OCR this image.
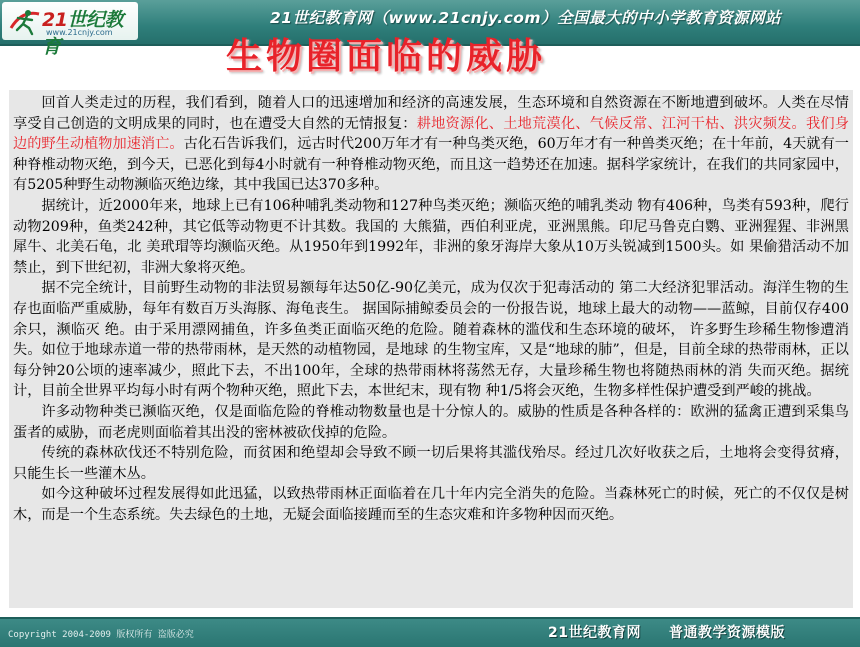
21世纪教育
www.21cnjy.com
21世纪教育网（www.21cnjy.com）全国最大的中小学教育资源网站
生物圈面临的威胁

回首人类走过的历程，我们看到，随着人口的迅速增加和经济的高速发展，生态环境和自然资源在不断地遭到破坏。人类在尽情享受自己创造的文明成果的同时，也在遭受大自然的无情报复：耕地资源化、土地荒漠化、气候反常、江河干枯、洪灾频发。我们身边的野生动植物加速消亡。古化石告诉我们，远古时代200万年才有一种鸟类灭绝，60万年才有一种兽类灭绝；在十年前，4天就有一种脊椎动物灭绝，到今天，已恶化到每4小时就有一种脊椎动物灭绝，而且这一趋势还在加速。据科学家统计，在我们的共同家园中，有5205种野生动物濒临灭绝边缘，其中我国已达370多种。

据统计，近2000年来，地球上已有106种哺乳类动物和127种鸟类灭绝；濒临灭绝的哺乳类动 物有406种，鸟类有593种，爬行动物209种，鱼类242种，其它低等动物更不计其数。我国的 大熊猫，西伯利亚虎，亚洲黑熊。印尼马鲁克白鹦、亚洲猩猩、非洲黑犀牛、北美石龟，北 美玳瑁等均濒临灭绝。从1950年到1992年，非洲的象牙海岸大象从10万头锐减到1500头。如 果偷猎活动不加禁止，到下世纪初，非洲大象将灭绝。

据不完全统计，目前野生动物的非法贸易额每年达50亿-90亿美元，成为仅次于犯毒活动的 第二大经济犯罪活动。海洋生物的生存也面临严重威胁，每年有数百万头海豚、海龟丧生。 据国际捕鲸委员会的一份报告说，地球上最大的动物——蓝鲸，目前仅存400余只，濒临灭 绝。由于采用漂网捕鱼，许多鱼类正面临灭绝的危险。随着森林的滥伐和生态环境的破坏， 许多野生珍稀生物惨遭消失。如位于地球赤道一带的热带雨林，是天然的动植物园，是地球 的生物宝库，又是“地球的肺”，但是，目前全球的热带雨林，正以每分钟20公顷的速率减少，照此下去，不出100年，全球的热带雨林将荡然无存，大量珍稀生物也将随热雨林的消 失而灭绝。据统计，目前全世界平均每小时有两个物种灭绝，照此下去，本世纪末，现有物 种1/5将会灭绝，生物多样性保护遭受到严峻的挑战。

许多动物种类已濒临灭绝，仅是面临危险的脊椎动物数量也是十分惊人的。威胁的性质是各种各样的：欧洲的猛禽正遭到采集鸟蛋者的威胁，而老虎则面临着其出没的密林被砍伐掉的危险。

传统的森林砍伐还不特别危险，而贫困和绝望却会导致不顾一切后果将其滥伐殆尽。经过几次好收获之后，土地将会变得贫瘠，只能生长一些灌木丛。

如今这种破坏过程发展得如此迅猛，以致热带雨林正面临着在几十年内完全消失的危险。当森林死亡的时候，死亡的不仅仅是树木，而是一个生态系统。失去绿色的土地，无疑会面临接踵而至的生态灾难和许多物种因而灭绝。

Copyright 2004-2009 版权所有 盗版必究	21世纪教育网 普通教学资源模版
